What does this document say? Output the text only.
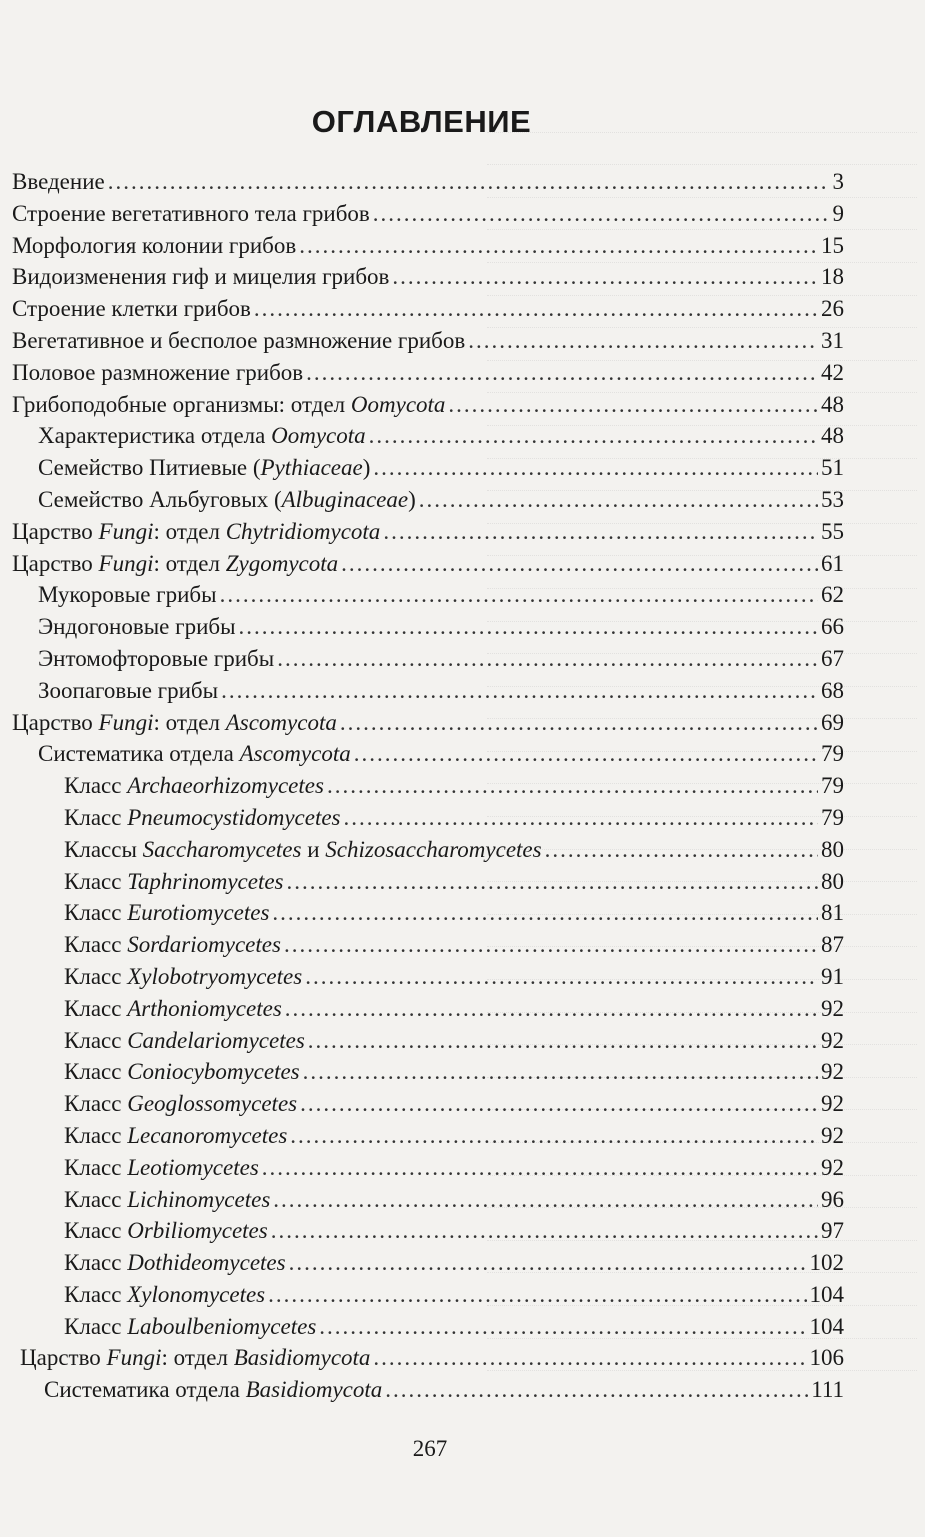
ОГЛАВЛЕНИЕ
Введение .....	3
Строение вегетативного тела грибов .....	9
Морфология колонии грибов .....	15
Видоизменения гиф и мицелия грибов .....	18
Строение клетки грибов .....	26
Вегетативное и бесполое размножение грибов .....	31
Половое размножение грибов .....	42
Грибоподобные организмы: отдел Oomycota .....	48
Характеристика отдела Oomycota .....	48
Семейство Питиевые (Pythiaceae) .....	51
Семейство Альбуговых (Albuginaceae) .....	53
Царство Fungi: отдел Chytridiomycota .....	55
Царство Fungi: отдел Zygomycota .....	61
Мукоровые грибы .....	62
Эндогоновые грибы .....	66
Энтомофторовые грибы .....	67
Зоопаговые грибы .....	68
Царство Fungi: отдел Ascomycota .....	69
Систематика отдела Ascomycota .....	79
Класс Archaeorhizomycetes .....	79
Класс Pneumocystidomycetes .....	79
Классы Saccharomycetes и Schizosaccharomycetes .....	80
Класс Taphrinomycetes .....	80
Класс Eurotiomycetes .....	81
Класс Sordariomycetes .....	87
Класс Xylobotryomycetes .....	91
Класс Arthoniomycetes .....	92
Класс Candelariomycetes .....	92
Класс Coniocybomycetes .....	92
Класс Geoglossomycetes .....	92
Класс Lecanoromycetes .....	92
Класс Leotiomycetes .....	92
Класс Lichinomycetes .....	96
Класс Orbiliomycetes .....	97
Класс Dothideomycetes .....	102
Класс Xylonomycetes .....	104
Класс Laboulbeniomycetes .....	104
Царство Fungi: отдел Basidiomycota .....	106
Систематика отдела Basidiomycota .....	111
267
